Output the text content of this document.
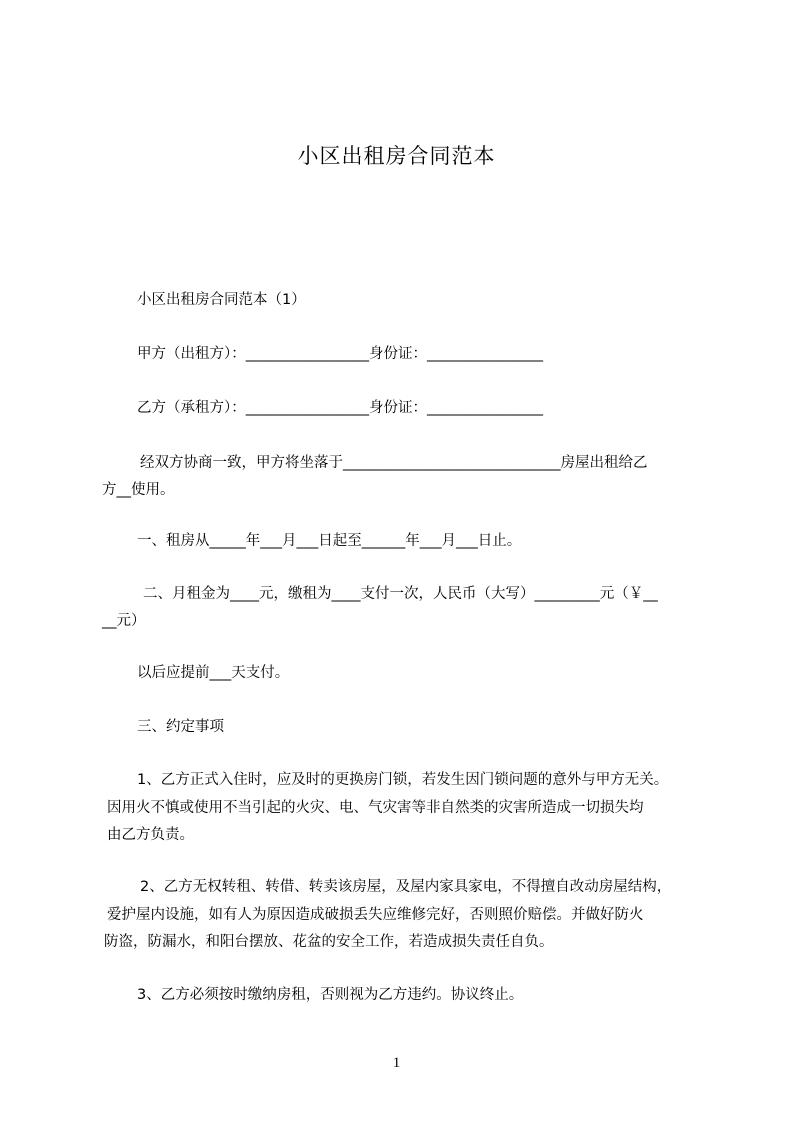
小区出租房合同范本
小区出租房合同范本（1）
甲方（出租方）：_________________身份证：________________
乙方（承租方）：_________________身份证：________________
经双方协商一致，甲方将坐落于______________________________房屋出租给乙
方__使用。
一、租房从_____年___月___日起至______年___月___日止。
二、月租金为____元，缴租为____支付一次，人民币（大写）_________元（￥__
__元）
以后应提前___天支付。
三、约定事项
1、乙方正式入住时，应及时的更换房门锁，若发生因门锁问题的意外与甲方无关。
因用火不慎或使用不当引起的火灾、电、气灾害等非自然类的灾害所造成一切损失均
由乙方负责。
2、乙方无权转租、转借、转卖该房屋，及屋内家具家电，不得擅自改动房屋结构，
爱护屋内设施，如有人为原因造成破损丢失应维修完好，否则照价赔偿。并做好防火
防盗，防漏水，和阳台摆放、花盆的安全工作，若造成损失责任自负。
3、乙方必须按时缴纳房租，否则视为乙方违约。协议终止。
1
